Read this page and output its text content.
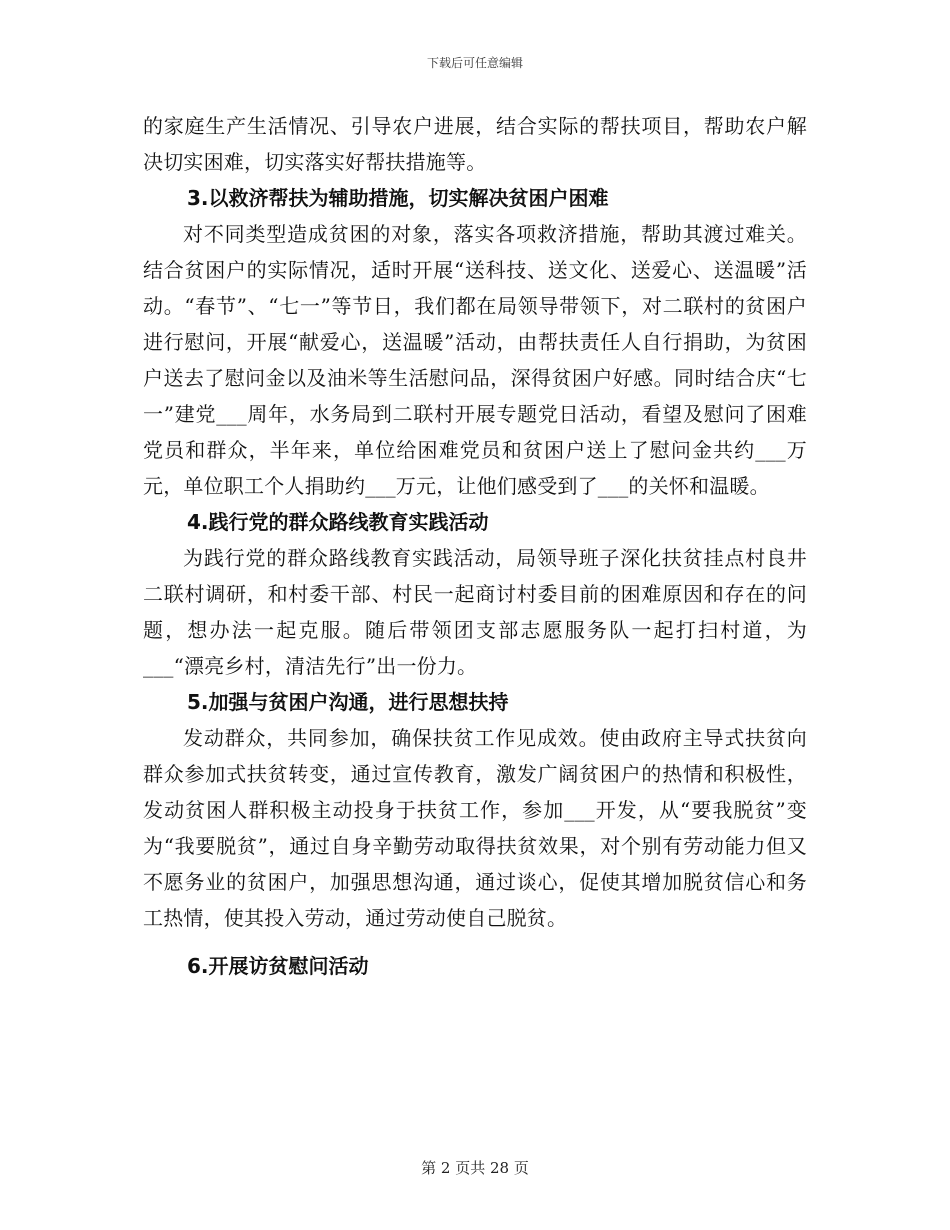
下载后可任意编辑

的家庭生产生活情况、引导农户进展，结合实际的帮扶项目，帮助农户解决切实困难，切实落实好帮扶措施等。

3.以救济帮扶为辅助措施，切实解决贫困户困难

对不同类型造成贫困的对象，落实各项救济措施，帮助其渡过难关。结合贫困户的实际情况，适时开展“送科技、送文化、送爱心、送温暖”活动。“春节”、“七一”等节日，我们都在局领导带领下，对二联村的贫困户进行慰问，开展“献爱心，送温暖”活动，由帮扶责任人自行捐助，为贫困户送去了慰问金以及油米等生活慰问品，深得贫困户好感。同时结合庆“七一”建党___周年，水务局到二联村开展专题党日活动，看望及慰问了困难党员和群众，半年来，单位给困难党员和贫困户送上了慰问金共约___万元，单位职工个人捐助约___万元，让他们感受到了___的关怀和温暖。

4.践行党的群众路线教育实践活动

为践行党的群众路线教育实践活动，局领导班子深化扶贫挂点村良井二联村调研，和村委干部、村民一起商讨村委目前的困难原因和存在的问题，想办法一起克服。随后带领团支部志愿服务队一起打扫村道，为___“漂亮乡村，清洁先行”出一份力。

5.加强与贫困户沟通，进行思想扶持

发动群众，共同参加，确保扶贫工作见成效。使由政府主导式扶贫向群众参加式扶贫转变，通过宣传教育，激发广阔贫困户的热情和积极性，发动贫困人群积极主动投身于扶贫工作，参加___开发，从“要我脱贫”变为“我要脱贫”，通过自身辛勤劳动取得扶贫效果，对个别有劳动能力但又不愿务业的贫困户，加强思想沟通，通过谈心，促使其增加脱贫信心和务工热情，使其投入劳动，通过劳动使自己脱贫。

6.开展访贫慰问活动

第 2 页共 28 页
